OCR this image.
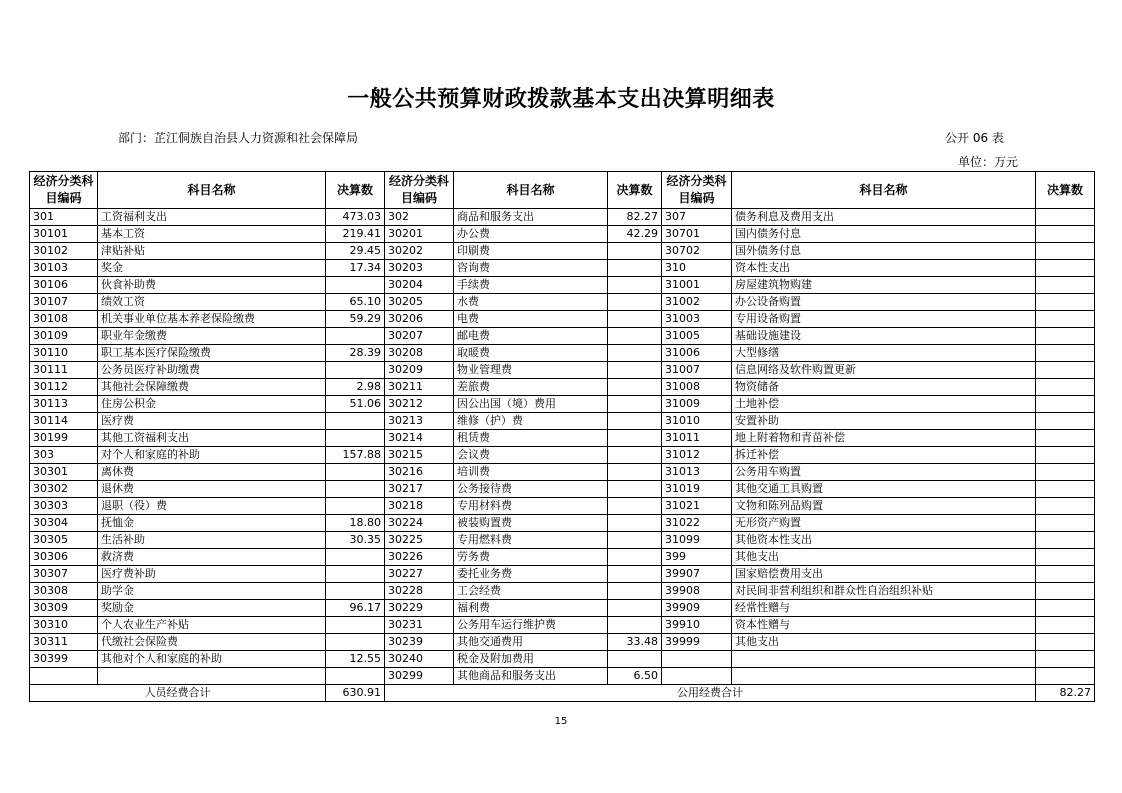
一般公共预算财政拨款基本支出决算明细表
部门：芷江侗族自治县人力资源和社会保障局	公开 06 表
单位：万元
经济分类科目编码	科目名称	决算数	经济分类科目编码	科目名称	决算数	经济分类科目编码	科目名称	决算数
301	工资福利支出	473.03	302	商品和服务支出	82.27	307	债务利息及费用支出	
30101	基本工资	219.41	30201	办公费	42.29	30701	国内债务付息	
30102	津贴补贴	29.45	30202	印刷费		30702	国外债务付息	
30103	奖金	17.34	30203	咨询费		310	资本性支出	
30106	伙食补助费		30204	手续费		31001	房屋建筑物购建	
30107	绩效工资	65.10	30205	水费		31002	办公设备购置	
30108	机关事业单位基本养老保险缴费	59.29	30206	电费		31003	专用设备购置	
30109	职业年金缴费		30207	邮电费		31005	基础设施建设	
30110	职工基本医疗保险缴费	28.39	30208	取暖费		31006	大型修缮	
30111	公务员医疗补助缴费		30209	物业管理费		31007	信息网络及软件购置更新	
30112	其他社会保障缴费	2.98	30211	差旅费		31008	物资储备	
30113	住房公积金	51.06	30212	因公出国（境）费用		31009	土地补偿	
30114	医疗费		30213	维修（护）费		31010	安置补助	
30199	其他工资福利支出		30214	租赁费		31011	地上附着物和青苗补偿	
303	对个人和家庭的补助	157.88	30215	会议费		31012	拆迁补偿	
30301	离休费		30216	培训费		31013	公务用车购置	
30302	退休费		30217	公务接待费		31019	其他交通工具购置	
30303	退职（役）费		30218	专用材料费		31021	文物和陈列品购置	
30304	抚恤金	18.80	30224	被装购置费		31022	无形资产购置	
30305	生活补助	30.35	30225	专用燃料费		31099	其他资本性支出	
30306	救济费		30226	劳务费		399	其他支出	
30307	医疗费补助		30227	委托业务费		39907	国家赔偿费用支出	
30308	助学金		30228	工会经费		39908	对民间非营利组织和群众性自治组织补贴	
30309	奖励金	96.17	30229	福利费		39909	经常性赠与	
30310	个人农业生产补贴		30231	公务用车运行维护费		39910	资本性赠与	
30311	代缴社会保险费		30239	其他交通费用	33.48	39999	其他支出	
30399	其他对个人和家庭的补助	12.55	30240	税金及附加费用				
			30299	其他商品和服务支出	6.50			
人员经费合计		630.91	公用经费合计					82.27
15
